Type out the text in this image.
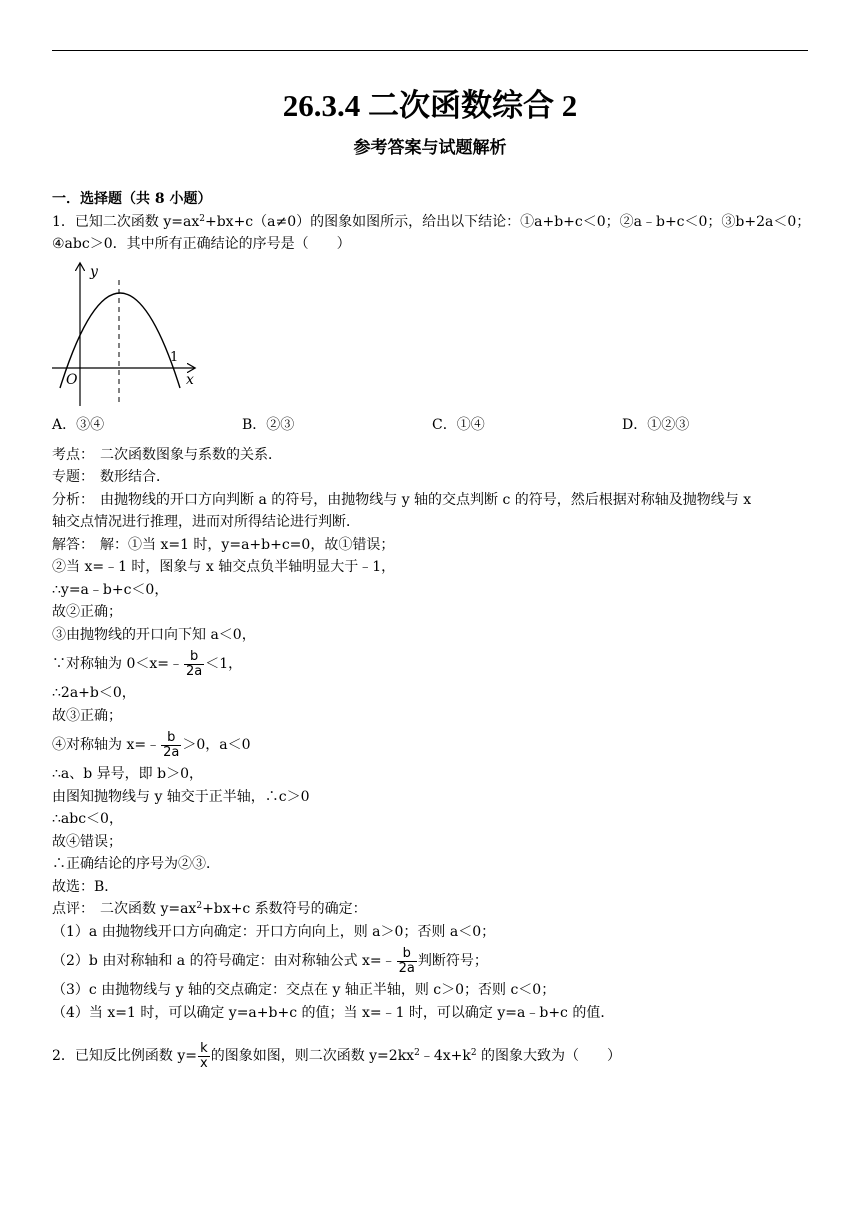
26.3.4 二次函数综合 2
参考答案与试题解析
一．选择题（共 8 小题）
1．已知二次函数 $y=ax^2+bx+c(a\ne 0)$的图象如图所示，给出以下结论：①a+b+c＜0；②a﹣b+c＜0；③b+2a＜0；
④abc＞0．其中所有正确结论的序号是（　　）
y
x
O
1
A．③④	B．②③	C．①④	D．①②③
考点： 二次函数图象与系数的关系．
专题： 数形结合．
分析： 由抛物线的开口方向判断 a 的符号，由抛物线与 y 轴的交点判断 c 的符号，然后根据对称轴及抛物线与 x
轴交点情况进行推理，进而对所得结论进行判断．
解答： 解：①当 x=1 时，y=a+b+c=0，故①错误；
②当 x=﹣1 时，图象与 x 轴交点负半轴明显大于﹣1，
∴y=a﹣b+c＜0，
故②正确；
③由抛物线的开口向下知 a＜0，
∵对称轴为 0＜x=﹣ $\frac{b}{2a} <1$，
∴2a+b＜0，
故③正确；
④对称轴为 x=﹣ $\frac{b}{2a} >0$，a＜0
∴a、b 异号，即 b＞0，
由图知抛物线与 y 轴交于正半轴，∴c＞0
∴abc＜0，
故④错误；
∴正确结论的序号为②③．
故选：B．
点评： 二次函数 $y=ax^2+bx+c$ 系数符号的确定：
（1）a 由抛物线开口方向确定：开口方向向上，则 a＞0；否则 a＜0；
（2）b 由对称轴和 a 的符号确定：由对称轴公式 x=﹣ $\frac{b}{2a}$ 判断符号；
（3）c 由抛物线与 y 轴的交点确定：交点在 y 轴正半轴，则 c＞0；否则 c＜0；
（4）当 x=1 时，可以确定 y=a+b+c 的值；当 x=﹣1 时，可以确定 y=a﹣b+c 的值．
2．已知反比例函数 $y= \frac{k}{x}$ 的图象如图，则二次函数 $y=2kx^2﹣4x+k^2$ 的图象大致为（　　）
